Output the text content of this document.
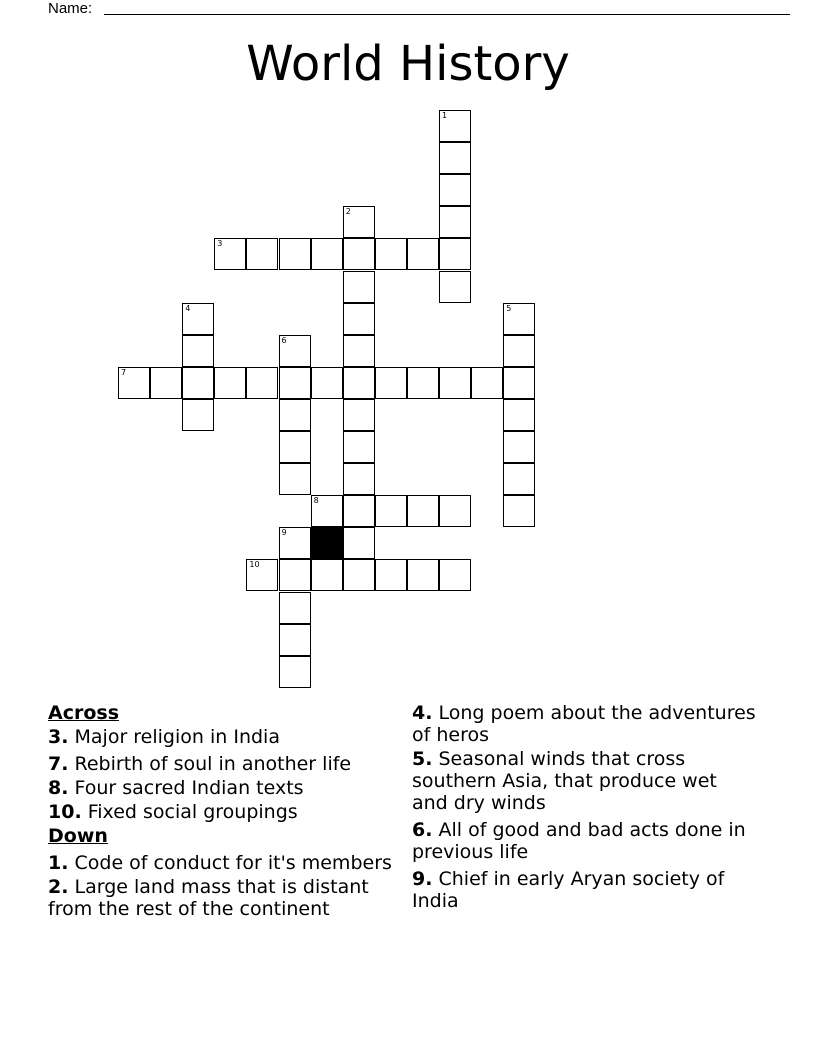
Name:
World History
1
2
3
4	5
6
7
8
9
10
Across
3. Major religion in India
7. Rebirth of soul in another life
8. Four sacred Indian texts
10. Fixed social groupings
Down
1. Code of conduct for it's members
2. Large land mass that is distant from the rest of the continent
4. Long poem about the adventures of heros
5. Seasonal winds that cross southern Asia, that produce wet and dry winds
6. All of good and bad acts done in previous life
9. Chief in early Aryan society of India
